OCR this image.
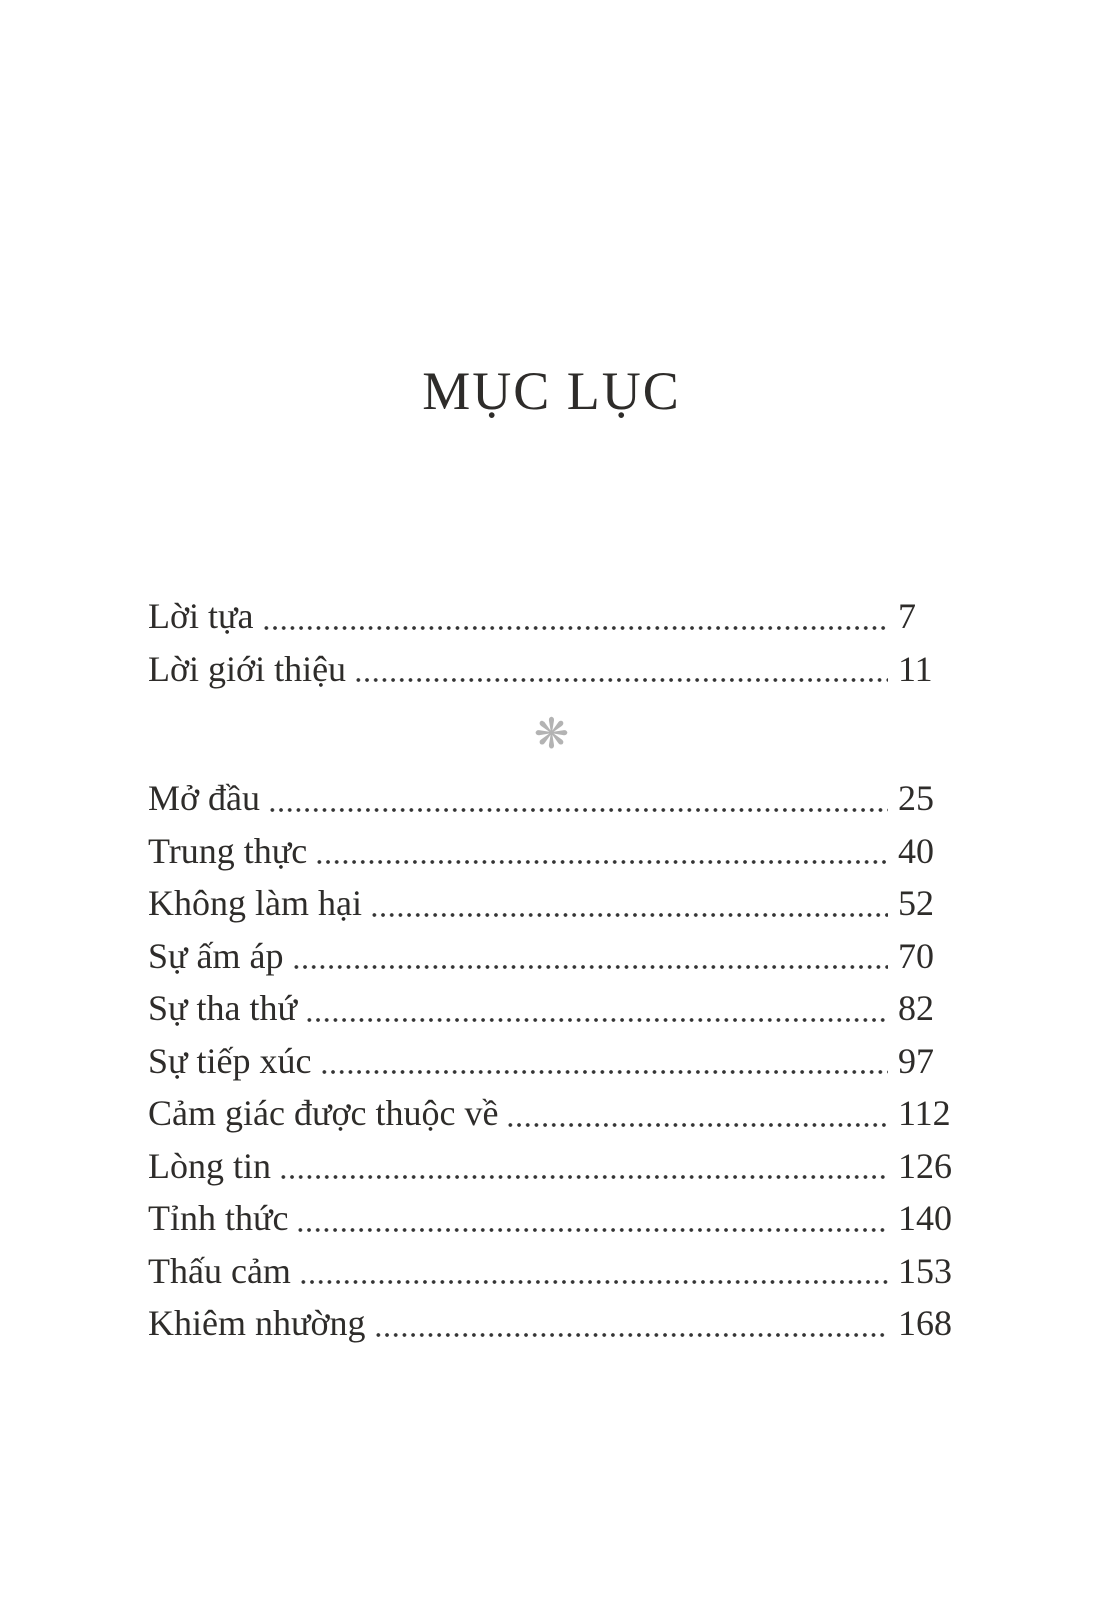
MỤC LỤC
Lời tựa	7
Lời giới thiệu	11
❋
Mở đầu	25
Trung thực	40
Không làm hại	52
Sự ấm áp	70
Sự tha thứ	82
Sự tiếp xúc	97
Cảm giác được thuộc về	112
Lòng tin	126
Tỉnh thức	140
Thấu cảm	153
Khiêm nhường	168
